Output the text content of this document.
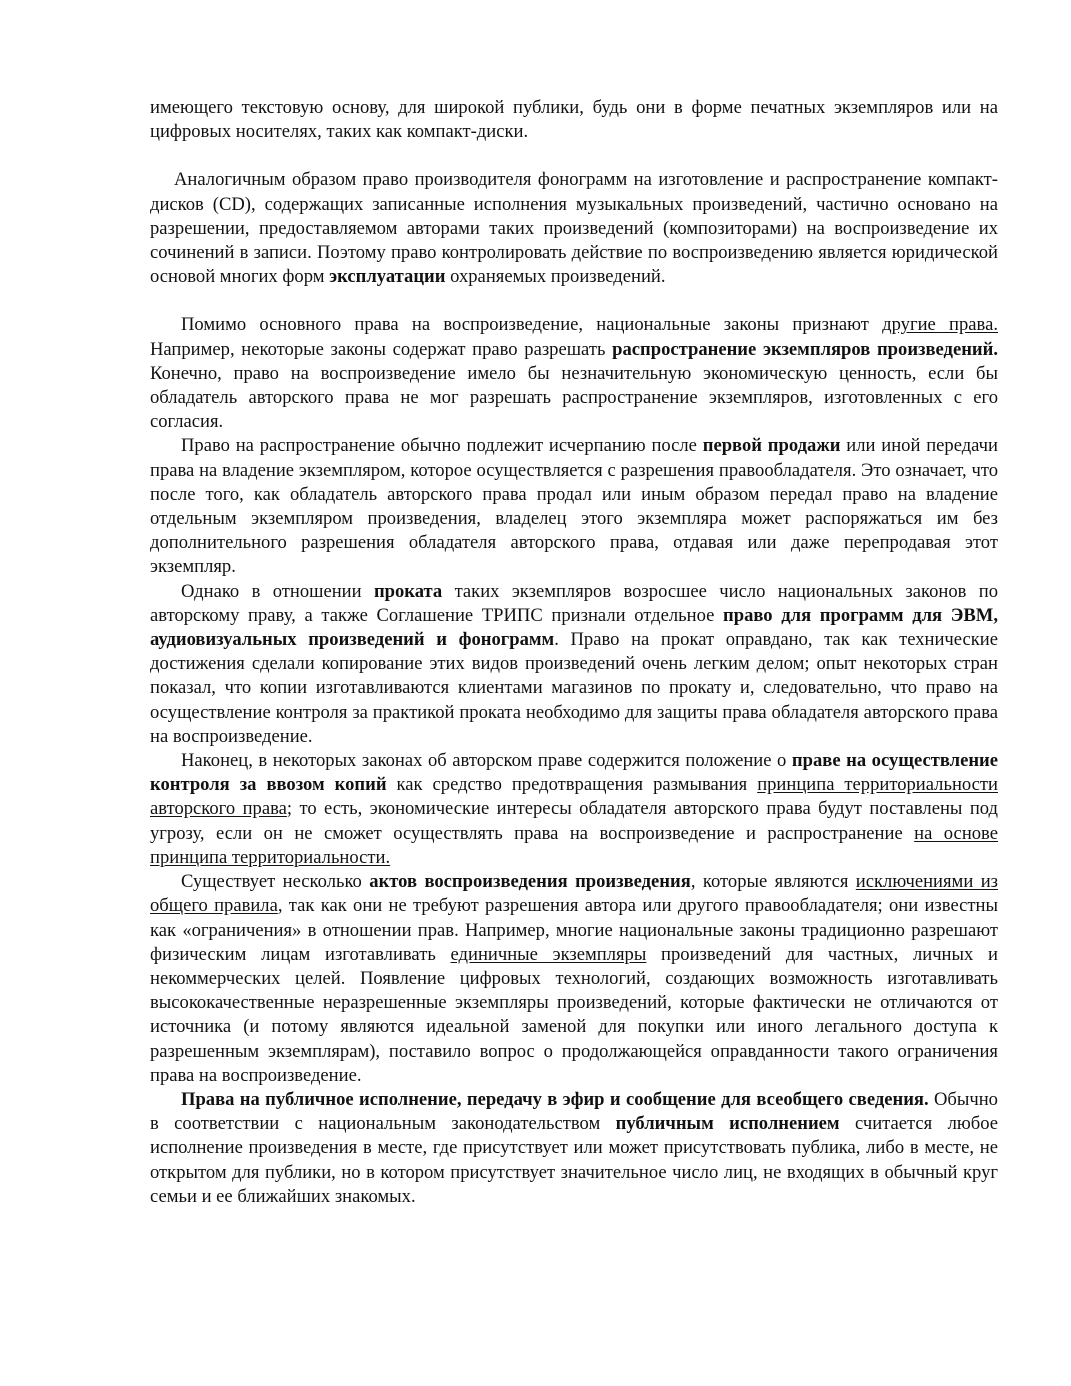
имеющего текстовую основу, для широкой публики, будь они в форме печатных экземпляров или на цифровых носителях, таких как компакт-диски.

Аналогичным образом право производителя фонограмм на изготовление и распространение компакт-дисков (CD), содержащих записанные исполнения музыкальных произведений, частично основано на разрешении, предоставляемом авторами таких произведений (композиторами) на воспроизведение их сочинений в записи. Поэтому право контролировать действие по воспроизведению является юридической основой многих форм эксплуатации охраняемых произведений.

Помимо основного права на воспроизведение, национальные законы признают другие права. Например, некоторые законы содержат право разрешать распространение экземпляров произведений. Конечно, право на воспроизведение имело бы незначительную экономическую ценность, если бы обладатель авторского права не мог разрешать распространение экземпляров, изготовленных с его согласия.

Право на распространение обычно подлежит исчерпанию после первой продажи или иной передачи права на владение экземпляром, которое осуществляется с разрешения правообладателя. Это означает, что после того, как обладатель авторского права продал или иным образом передал право на владение отдельным экземпляром произведения, владелец этого экземпляра может распоряжаться им без дополнительного разрешения обладателя авторского права, отдавая или даже перепродавая этот экземпляр.

Однако в отношении проката таких экземпляров возросшее число национальных законов по авторскому праву, а также Соглашение ТРИПС признали отдельное право для программ для ЭВМ, аудиовизуальных произведений и фонограмм. Право на прокат оправдано, так как технические достижения сделали копирование этих видов произведений очень легким делом; опыт некоторых стран показал, что копии изготавливаются клиентами магазинов по прокату и, следовательно, что право на осуществление контроля за практикой проката необходимо для защиты права обладателя авторского права на воспроизведение.

Наконец, в некоторых законах об авторском праве содержится положение о праве на осуществление контроля за ввозом копий как средство предотвращения размывания принципа территориальности авторского права; то есть, экономические интересы обладателя авторского права будут поставлены под угрозу, если он не сможет осуществлять права на воспроизведение и распространение на основе принципа территориальности.

Существует несколько актов воспроизведения произведения, которые являются исключениями из общего правила, так как они не требуют разрешения автора или другого правообладателя; они известны как «ограничения» в отношении прав. Например, многие национальные законы традиционно разрешают физическим лицам изготавливать единичные экземпляры произведений для частных, личных и некоммерческих целей. Появление цифровых технологий, создающих возможность изготавливать высококачественные неразрешенные экземпляры произведений, которые фактически не отличаются от источника (и потому являются идеальной заменой для покупки или иного легального доступа к разрешенным экземплярам), поставило вопрос о продолжающейся оправданности такого ограничения права на воспроизведение.

Права на публичное исполнение, передачу в эфир и сообщение для всеобщего сведения. Обычно в соответствии с национальным законодательством публичным исполнением считается любое исполнение произведения в месте, где присутствует или может присутствовать публика, либо в месте, не открытом для публики, но в котором присутствует значительное число лиц, не входящих в обычный круг семьи и ее ближайших знакомых.
